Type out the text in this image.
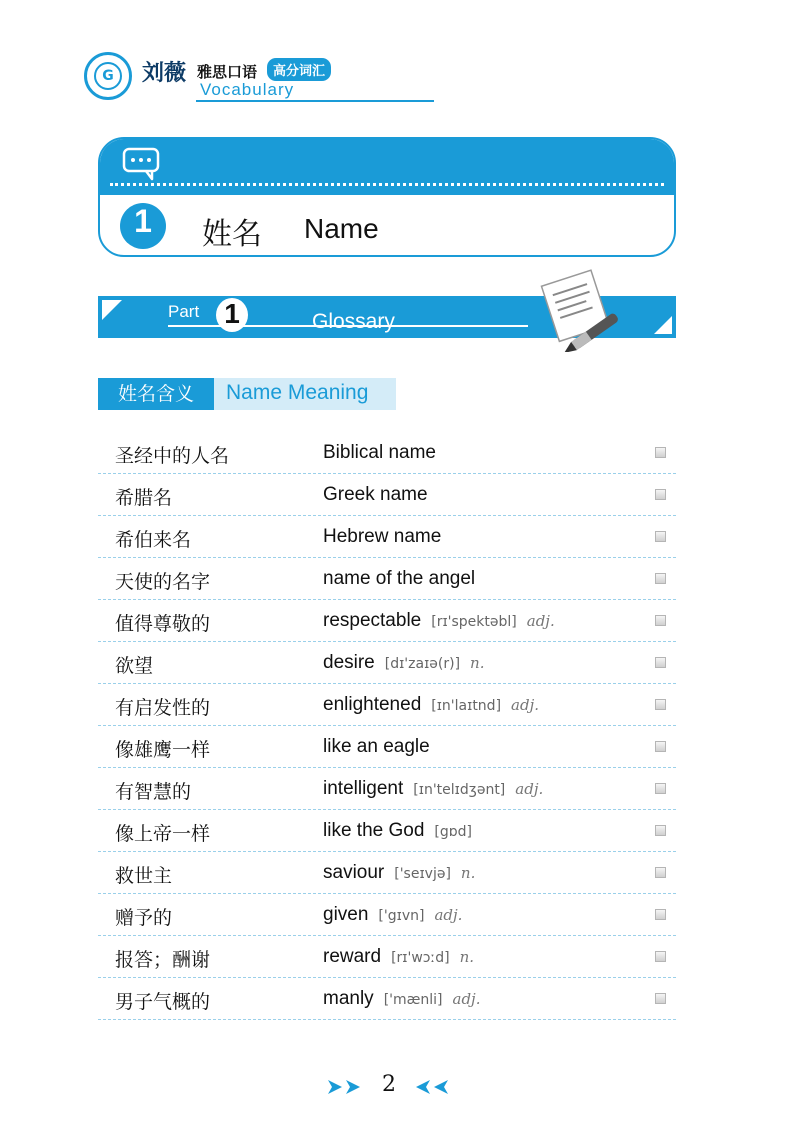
G	刘薇 雅思口语	高分词汇
Vocabulary
1	姓名 Name
Part 1	Glossary
姓名含义	Name Meaning
圣经中的人名	Biblical name
希腊名	Greek name
希伯来名	Hebrew name
天使的名字	name of the angel
值得尊敬的	respectable [rɪ'spektəbl] adj.
欲望	desire [dɪ'zaɪə(r)] n.
有启发性的	enlightened [ɪn'laɪtnd] adj.
像雄鹰一样	like an eagle
有智慧的	intelligent [ɪn'telɪdʒənt] adj.
像上帝一样	like the God [gɒd]
救世主	saviour ['seɪvjə] n.
赠予的	given ['gɪvn] adj.
报答；酬谢	reward [rɪ'wɔːd] n.
男子气概的	manly ['mænli] adj.
2
